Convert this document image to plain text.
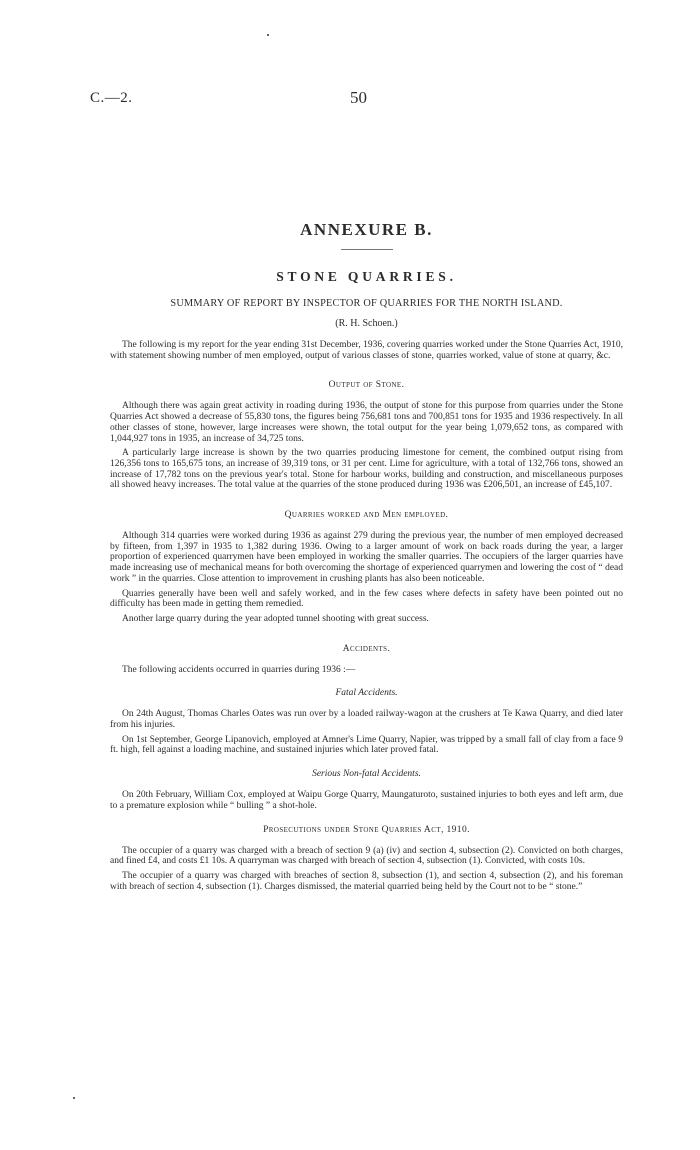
C.—2.	50
ANNEXURE B.
STONE QUARRIES.
SUMMARY OF REPORT BY INSPECTOR OF QUARRIES FOR THE NORTH ISLAND.
(R. H. Schoen.)

The following is my report for the year ending 31st December, 1936, covering quarries worked under the Stone Quarries Act, 1910, with statement showing number of men employed, output of various classes of stone, quarries worked, value of stone at quarry, &c.

Output of Stone.

Although there was again great activity in roading during 1936, the output of stone for this purpose from quarries under the Stone Quarries Act showed a decrease of 55,830 tons, the figures being 756,681 tons and 700,851 tons for 1935 and 1936 respectively. In all other classes of stone, however, large increases were shown, the total output for the year being 1,079,652 tons, as compared with 1,044,927 tons in 1935, an increase of 34,725 tons.

A particularly large increase is shown by the two quarries producing limestone for cement, the combined output rising from 126,356 tons to 165,675 tons, an increase of 39,319 tons, or 31 per cent. Lime for agriculture, with a total of 132,766 tons, showed an increase of 17,782 tons on the previous year's total. Stone for harbour works, building and construction, and miscellaneous purposes all showed heavy increases. The total value at the quarries of the stone produced during 1936 was £206,501, an increase of £45,107.

Quarries worked and Men employed.

Although 314 quarries were worked during 1936 as against 279 during the previous year, the number of men employed decreased by fifteen, from 1,397 in 1935 to 1,382 during 1936. Owing to a larger amount of work on back roads during the year, a larger proportion of experienced quarrymen have been employed in working the smaller quarries. The occupiers of the larger quarries have made increasing use of mechanical means for both overcoming the shortage of experienced quarrymen and lowering the cost of “ dead work ” in the quarries. Close attention to improvement in crushing plants has also been noticeable.

Quarries generally have been well and safely worked, and in the few cases where defects in safety have been pointed out no difficulty has been made in getting them remedied.

Another large quarry during the year adopted tunnel shooting with great success.

Accidents.

The following accidents occurred in quarries during 1936 :—

Fatal Accidents.

On 24th August, Thomas Charles Oates was run over by a loaded railway-wagon at the crushers at Te Kawa Quarry, and died later from his injuries.

On 1st September, George Lipanovich, employed at Amner's Lime Quarry, Napier, was tripped by a small fall of clay from a face 9 ft. high, fell against a loading machine, and sustained injuries which later proved fatal.

Serious Non-fatal Accidents.

On 20th February, William Cox, employed at Waipu Gorge Quarry, Maungaturoto, sustained injuries to both eyes and left arm, due to a premature explosion while “ bulling ” a shot-hole.

Prosecutions under Stone Quarries Act, 1910.

The occupier of a quarry was charged with a breach of section 9 (a) (iv) and section 4, subsection (2). Convicted on both charges, and fined £4, and costs £1 10s. A quarryman was charged with breach of section 4, subsection (1). Convicted, with costs 10s.

The occupier of a quarry was charged with breaches of section 8, subsection (1), and section 4, subsection (2), and his foreman with breach of section 4, subsection (1). Charges dismissed, the material quarried being held by the Court not to be “ stone.”
